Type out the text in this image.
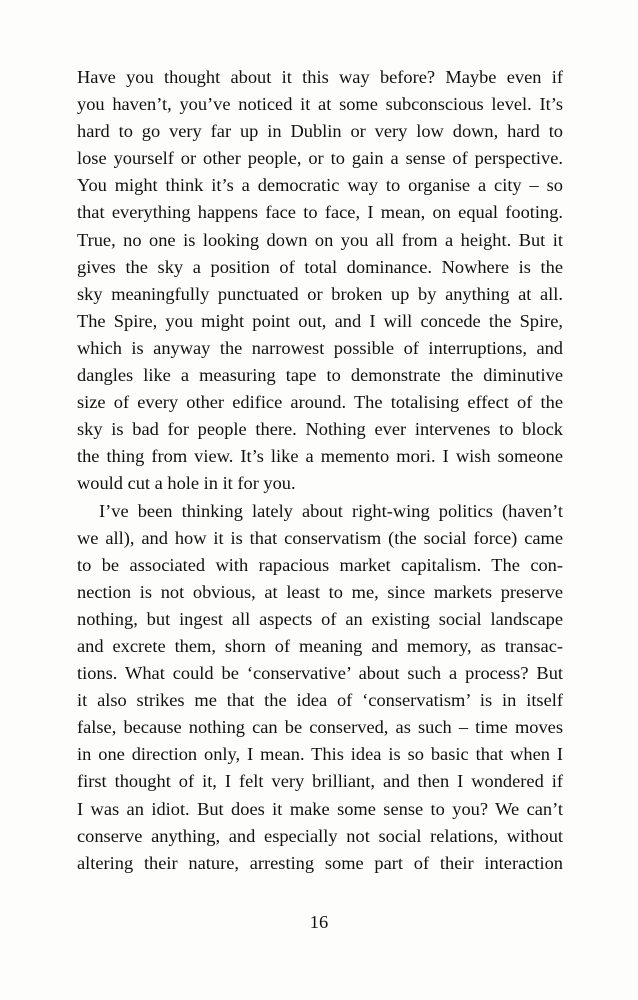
Have you thought about it this way before? Maybe even if
you haven’t, you’ve noticed it at some subconscious level. It’s
hard to go very far up in Dublin or very low down, hard to
lose yourself or other people, or to gain a sense of perspective.
You might think it’s a democratic way to organise a city – so
that everything happens face to face, I mean, on equal footing.
True, no one is looking down on you all from a height. But it
gives the sky a position of total dominance. Nowhere is the
sky meaningfully punctuated or broken up by anything at all.
The Spire, you might point out, and I will concede the Spire,
which is anyway the narrowest possible of interruptions, and
dangles like a measuring tape to demonstrate the diminutive
size of every other edifice around. The totalising effect of the
sky is bad for people there. Nothing ever intervenes to block
the thing from view. It’s like a memento mori. I wish someone
would cut a hole in it for you.
I’ve been thinking lately about right-wing politics (haven’t
we all), and how it is that conservatism (the social force) came
to be associated with rapacious market capitalism. The con-
nection is not obvious, at least to me, since markets preserve
nothing, but ingest all aspects of an existing social landscape
and excrete them, shorn of meaning and memory, as transac-
tions. What could be ‘conservative’ about such a process? But
it also strikes me that the idea of ‘conservatism’ is in itself
false, because nothing can be conserved, as such – time moves
in one direction only, I mean. This idea is so basic that when I
first thought of it, I felt very brilliant, and then I wondered if
I was an idiot. But does it make some sense to you? We can’t
conserve anything, and especially not social relations, without
altering their nature, arresting some part of their interaction
16
